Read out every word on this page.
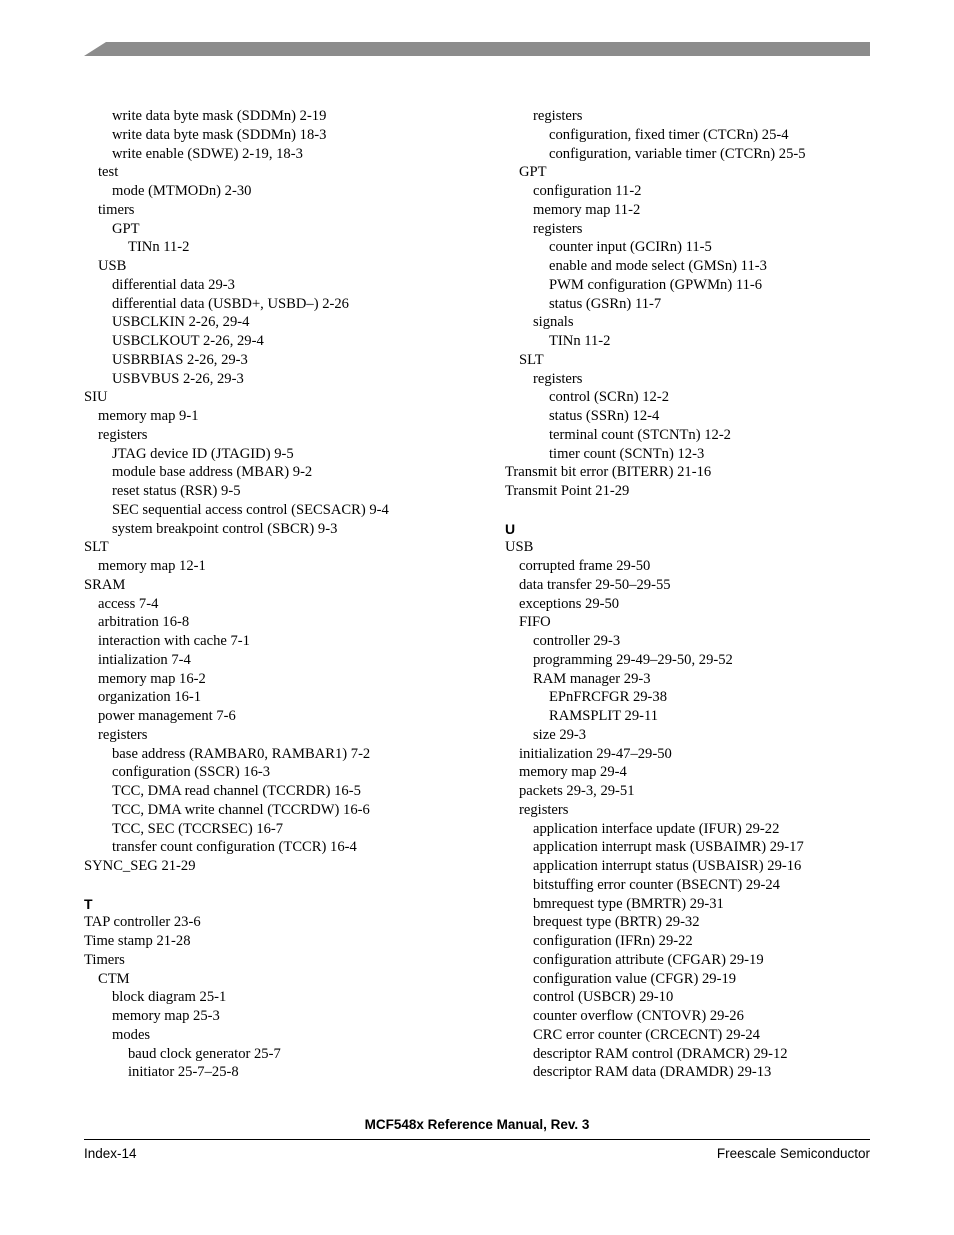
write data byte mask (SDDMn) 2-19
write data byte mask (SDDMn) 18-3
write enable (SDWE) 2-19, 18-3
test
mode (MTMODn) 2-30
timers
GPT
TINn 11-2
USB
differential data 29-3
differential data (USBD+, USBD–) 2-26
USBCLKIN 2-26, 29-4
USBCLKOUT 2-26, 29-4
USBRBIAS 2-26, 29-3
USBVBUS 2-26, 29-3
SIU
memory map 9-1
registers
JTAG device ID (JTAGID) 9-5
module base address (MBAR) 9-2
reset status (RSR) 9-5
SEC sequential access control (SECSACR) 9-4
system breakpoint control (SBCR) 9-3
SLT
memory map 12-1
SRAM
access 7-4
arbitration 16-8
interaction with cache 7-1
intialization 7-4
memory map 16-2
organization 16-1
power management 7-6
registers
base address (RAMBAR0, RAMBAR1) 7-2
configuration (SSCR) 16-3
TCC, DMA read channel (TCCRDR) 16-5
TCC, DMA write channel (TCCRDW) 16-6
TCC, SEC (TCCRSEC) 16-7
transfer count configuration (TCCR) 16-4
SYNC_SEG 21-29
T
TAP controller 23-6
Time stamp 21-28
Timers
CTM
block diagram 25-1
memory map 25-3
modes
baud clock generator 25-7
initiator 25-7–25-8
registers
configuration, fixed timer (CTCRn) 25-4
configuration, variable timer (CTCRn) 25-5
GPT
configuration 11-2
memory map 11-2
registers
counter input (GCIRn) 11-5
enable and mode select (GMSn) 11-3
PWM configuration (GPWMn) 11-6
status (GSRn) 11-7
signals
TINn 11-2
SLT
registers
control (SCRn) 12-2
status (SSRn) 12-4
terminal count (STCNTn) 12-2
timer count (SCNTn) 12-3
Transmit bit error (BITERR) 21-16
Transmit Point 21-29
U
USB
corrupted frame 29-50
data transfer 29-50–29-55
exceptions 29-50
FIFO
controller 29-3
programming 29-49–29-50, 29-52
RAM manager 29-3
EPnFRCFGR 29-38
RAMSPLIT 29-11
size 29-3
initialization 29-47–29-50
memory map 29-4
packets 29-3, 29-51
registers
application interface update (IFUR) 29-22
application interrupt mask (USBAIMR) 29-17
application interrupt status (USBAISR) 29-16
bitstuffing error counter (BSECNT) 29-24
bmrequest type (BMRTR) 29-31
brequest type (BRTR) 29-32
configuration (IFRn) 29-22
configuration attribute (CFGAR) 29-19
configuration value (CFGR) 29-19
control (USBCR) 29-10
counter overflow (CNTOVR) 29-26
CRC error counter (CRCECNT) 29-24
descriptor RAM control (DRAMCR) 29-12
descriptor RAM data (DRAMDR) 29-13
MCF548x Reference Manual, Rev. 3
Index-14	Freescale Semiconductor
